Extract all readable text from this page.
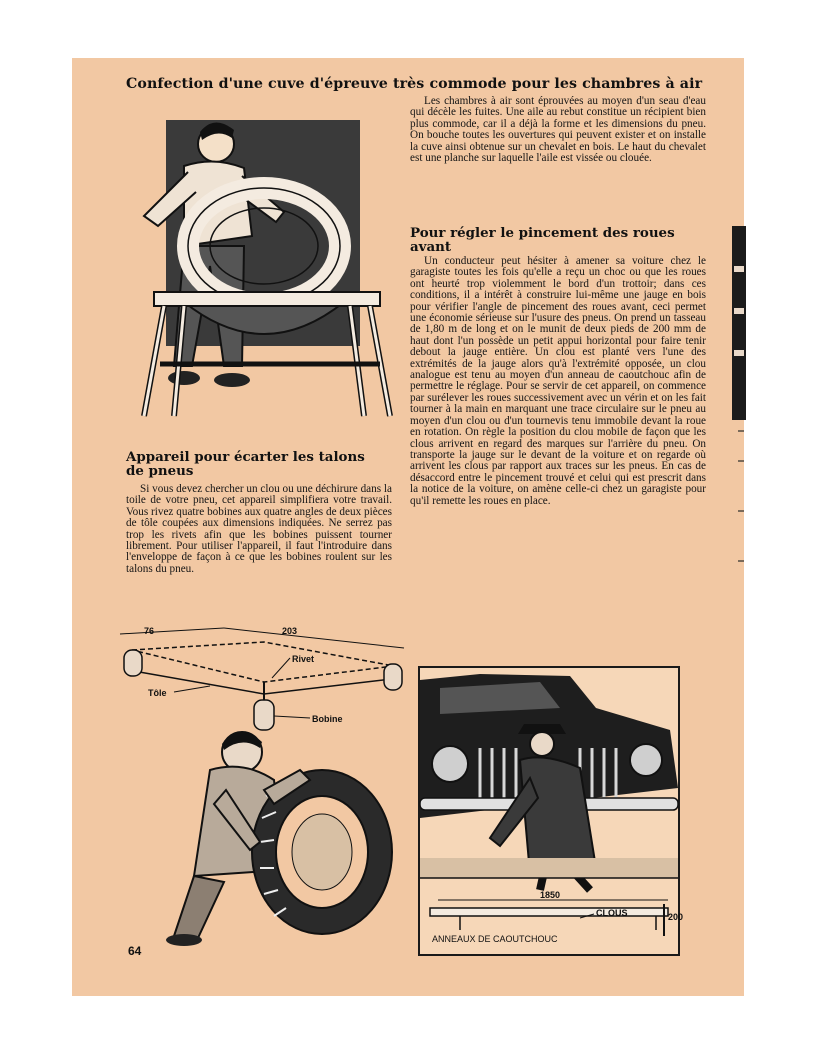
Confection d'une cuve d'épreuve très commode pour les chambres à air
Les chambres à air sont éprouvées au moyen d'un seau d'eau qui décèle les fuites. Une aile au rebut constitue un récipient bien plus commode, car il a déjà la forme et les dimensions du pneu. On bouche toutes les ouvertures qui peuvent exister et on installe la cuve ainsi obtenue sur un chevalet en bois. Le haut du chevalet est une planche sur laquelle l'aile est vissée ou clouée.
Pour régler le pincement des roues avant
Un conducteur peut hésiter à amener sa voiture chez le garagiste toutes les fois qu'elle a reçu un choc ou que les roues ont heurté trop violemment le bord d'un trottoir; dans ces conditions, il a intérêt à construire lui-même une jauge en bois pour vérifier l'angle de pincement des roues avant, ceci permet une économie sérieuse sur l'usure des pneus. On prend un tasseau de 1,80 m de long et on le munit de deux pieds de 200 mm de haut dont l'un possède un petit appui horizontal pour faire tenir debout la jauge entière. Un clou est planté vers l'une des extrémités de la jauge alors qu'à l'extrémité opposée, un clou analogue est tenu au moyen d'un anneau de caoutchouc afin de permettre le réglage. Pour se servir de cet appareil, on commence par surélever les roues successivement avec un vérin et on les fait tourner à la main en marquant une trace circulaire sur le pneu au moyen d'un clou ou d'un tournevis tenu immobile devant la roue en rotation. On règle la position du clou mobile de façon que les clous arrivent en regard des marques sur l'arrière du pneu. On transporte la jauge sur le devant de la voiture et on regarde où arrivent les clous par rapport aux traces sur les pneus. En cas de désaccord entre le pincement trouvé et celui qui est prescrit dans la notice de la voiture, on amène celle-ci chez un garagiste pour qu'il remette les roues en place.
Appareil pour écarter les talons de pneus
Si vous devez chercher un clou ou une déchirure dans la toile de votre pneu, cet appareil simplifiera votre travail. Vous rivez quatre bobines aux quatre angles de deux pièces de tôle coupées aux dimensions indiquées. Ne serrez pas trop les rivets afin que les bobines puissent tourner librement. Pour utiliser l'appareil, il faut l'introduire dans l'enveloppe de façon à ce que les bobines roulent sur les talons du pneu.
76	203
Rivet
Tôle
Bobine
1850
200
CLOUS
ANNEAUX DE CAOUTCHOUC
64
